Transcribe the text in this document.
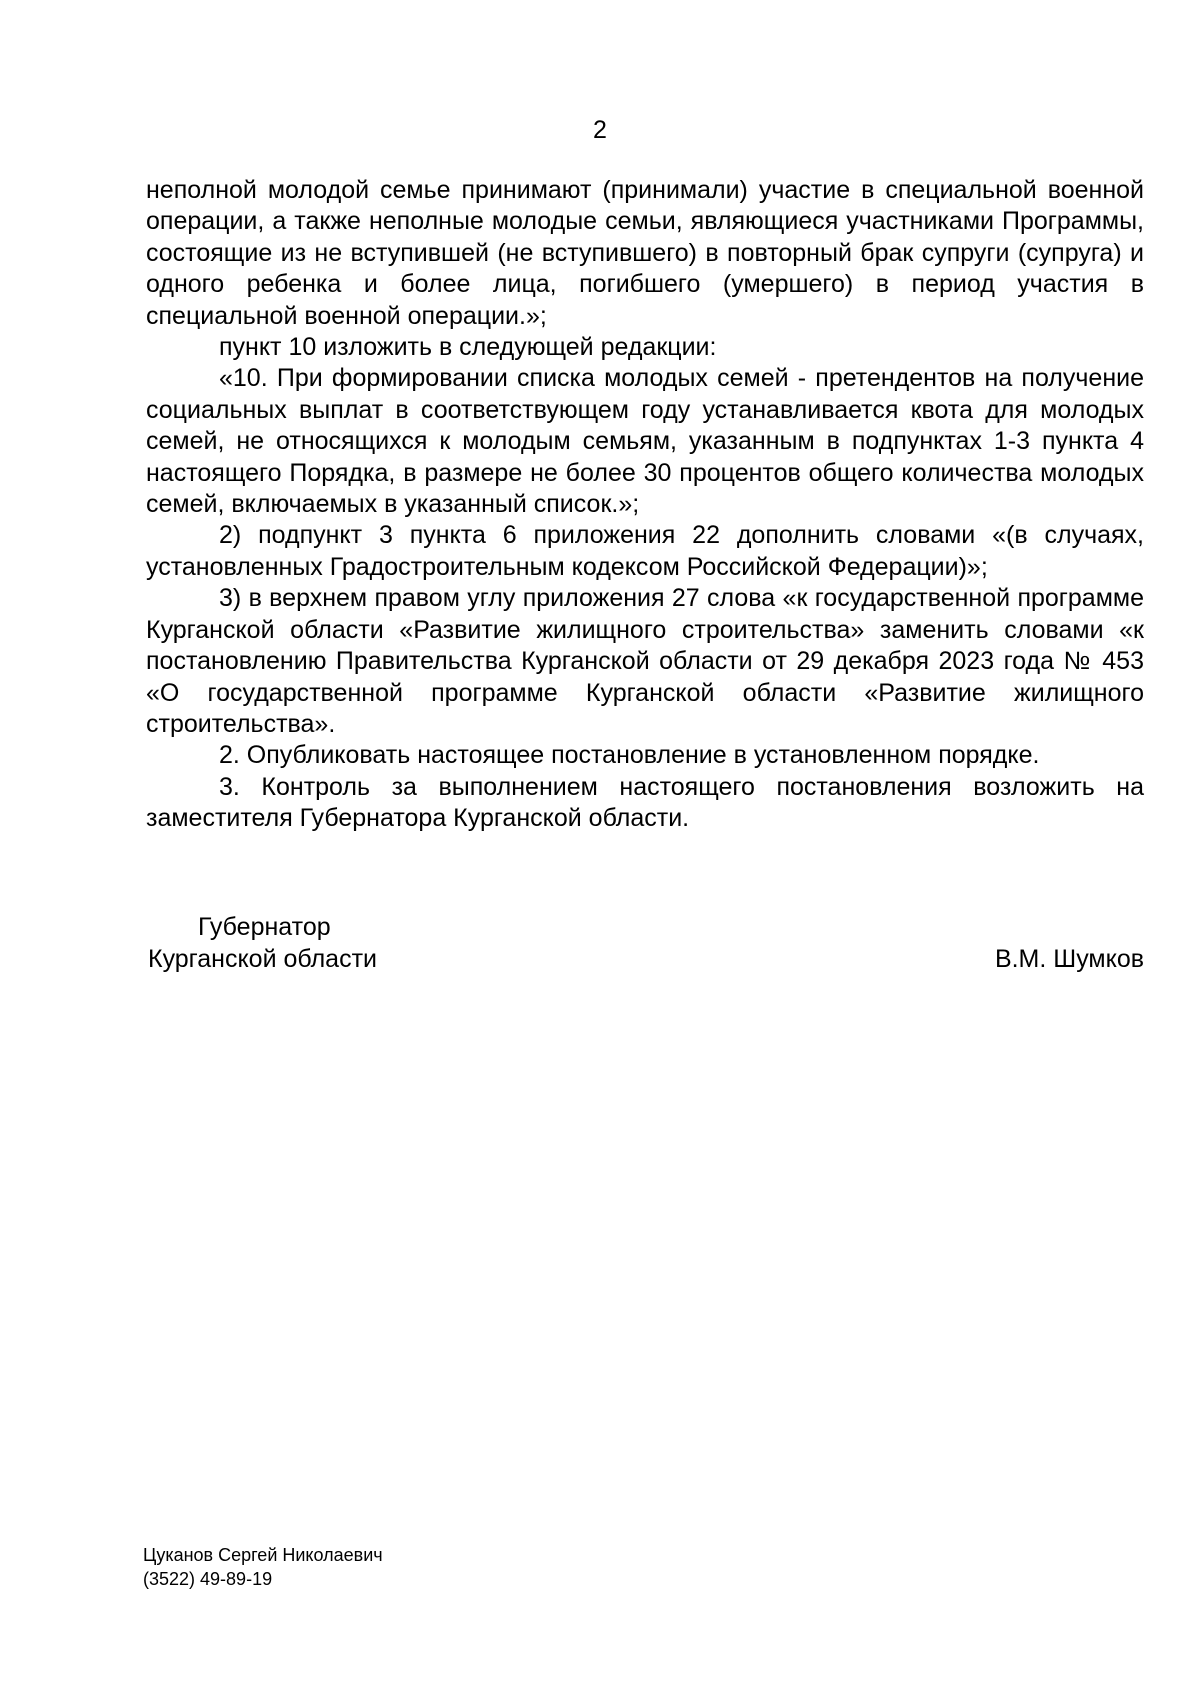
2

неполной молодой семье принимают (принимали) участие в специальной военной операции, а также неполные молодые семьи, являющиеся участниками Программы, состоящие из не вступившей (не вступившего) в повторный брак супруги (супруга) и одного ребенка и более лица, погибшего (умершего) в период участия в специальной военной операции.»;

пункт 10 изложить в следующей редакции:

«10. При формировании списка молодых семей - претендентов на получение социальных выплат в соответствующем году устанавливается квота для молодых семей, не относящихся к молодым семьям, указанным в подпунктах 1-3 пункта 4 настоящего Порядка, в размере не более 30 процентов общего количества молодых семей, включаемых в указанный список.»;

2) подпункт 3 пункта 6 приложения 22 дополнить словами «(в случаях, установленных Градостроительным кодексом Российской Федерации)»;

3) в верхнем правом углу приложения 27 слова «к государственной программе Курганской области «Развитие жилищного строительства» заменить словами «к постановлению Правительства Курганской области от 29 декабря 2023 года № 453 «О государственной программе Курганской области «Развитие жилищного строительства».

2. Опубликовать настоящее постановление в установленном порядке.

3. Контроль за выполнением настоящего постановления возложить на заместителя Губернатора Курганской области.

Губернатор
Курганской области	В.М. Шумков
Цуканов Сергей Николаевич
(3522) 49-89-19
